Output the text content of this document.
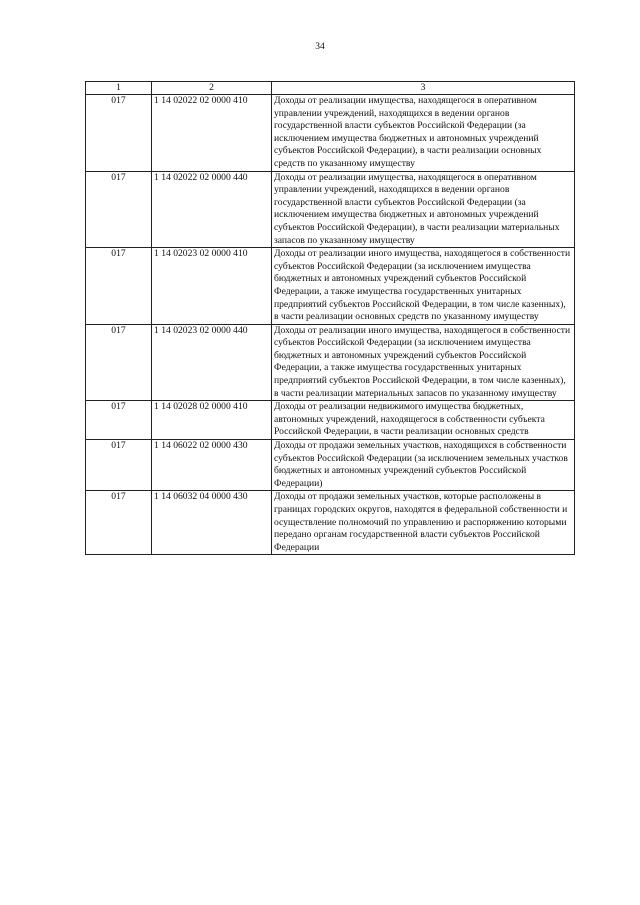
34
1	2	3
017	1 14 02022 02 0000 410	Доходы от реализации имущества, находящегося в оперативном управлении учреждений, находящихся в ведении органов государственной власти субъектов Российской Федерации (за исключением имущества бюджетных и автономных учреждений субъектов Российской Федерации), в части реализации основных средств по указанному имуществу
017	1 14 02022 02 0000 440	Доходы от реализации имущества, находящегося в оперативном управлении учреждений, находящихся в ведении органов государственной власти субъектов Российской Федерации (за исключением имущества бюджетных и автономных учреждений субъектов Российской Федерации), в части реализации материальных запасов по указанному имуществу
017	1 14 02023 02 0000 410	Доходы от реализации иного имущества, находящегося в собственности субъектов Российской Федерации (за исключением имущества бюджетных и автономных учреждений субъектов Российской Федерации, а также имущества государственных унитарных предприятий субъектов Российской Федерации, в том числе казенных), в части реализации основных средств по указанному имуществу
017	1 14 02023 02 0000 440	Доходы от реализации иного имущества, находящегося в собственности субъектов Российской Федерации (за исключением имущества бюджетных и автономных учреждений субъектов Российской Федерации, а также имущества государственных унитарных предприятий субъектов Российской Федерации, в том числе казенных), в части реализации материальных запасов по указанному имуществу
017	1 14 02028 02 0000 410	Доходы от реализации недвижимого имущества бюджетных, автономных учреждений, находящегося в собственности субъекта Российской Федерации, в части реализации основных средств
017	1 14 06022 02 0000 430	Доходы от продажи земельных участков, находящихся в собственности субъектов Российской Федерации (за исключением земельных участков бюджетных и автономных учреждений субъектов Российской Федерации)
017	1 14 06032 04 0000 430	Доходы от продажи земельных участков, которые расположены в границах городских округов, находятся в федеральной собственности и осуществление полномочий по управлению и распоряжению которыми передано органам государственной власти субъектов Российской Федерации
